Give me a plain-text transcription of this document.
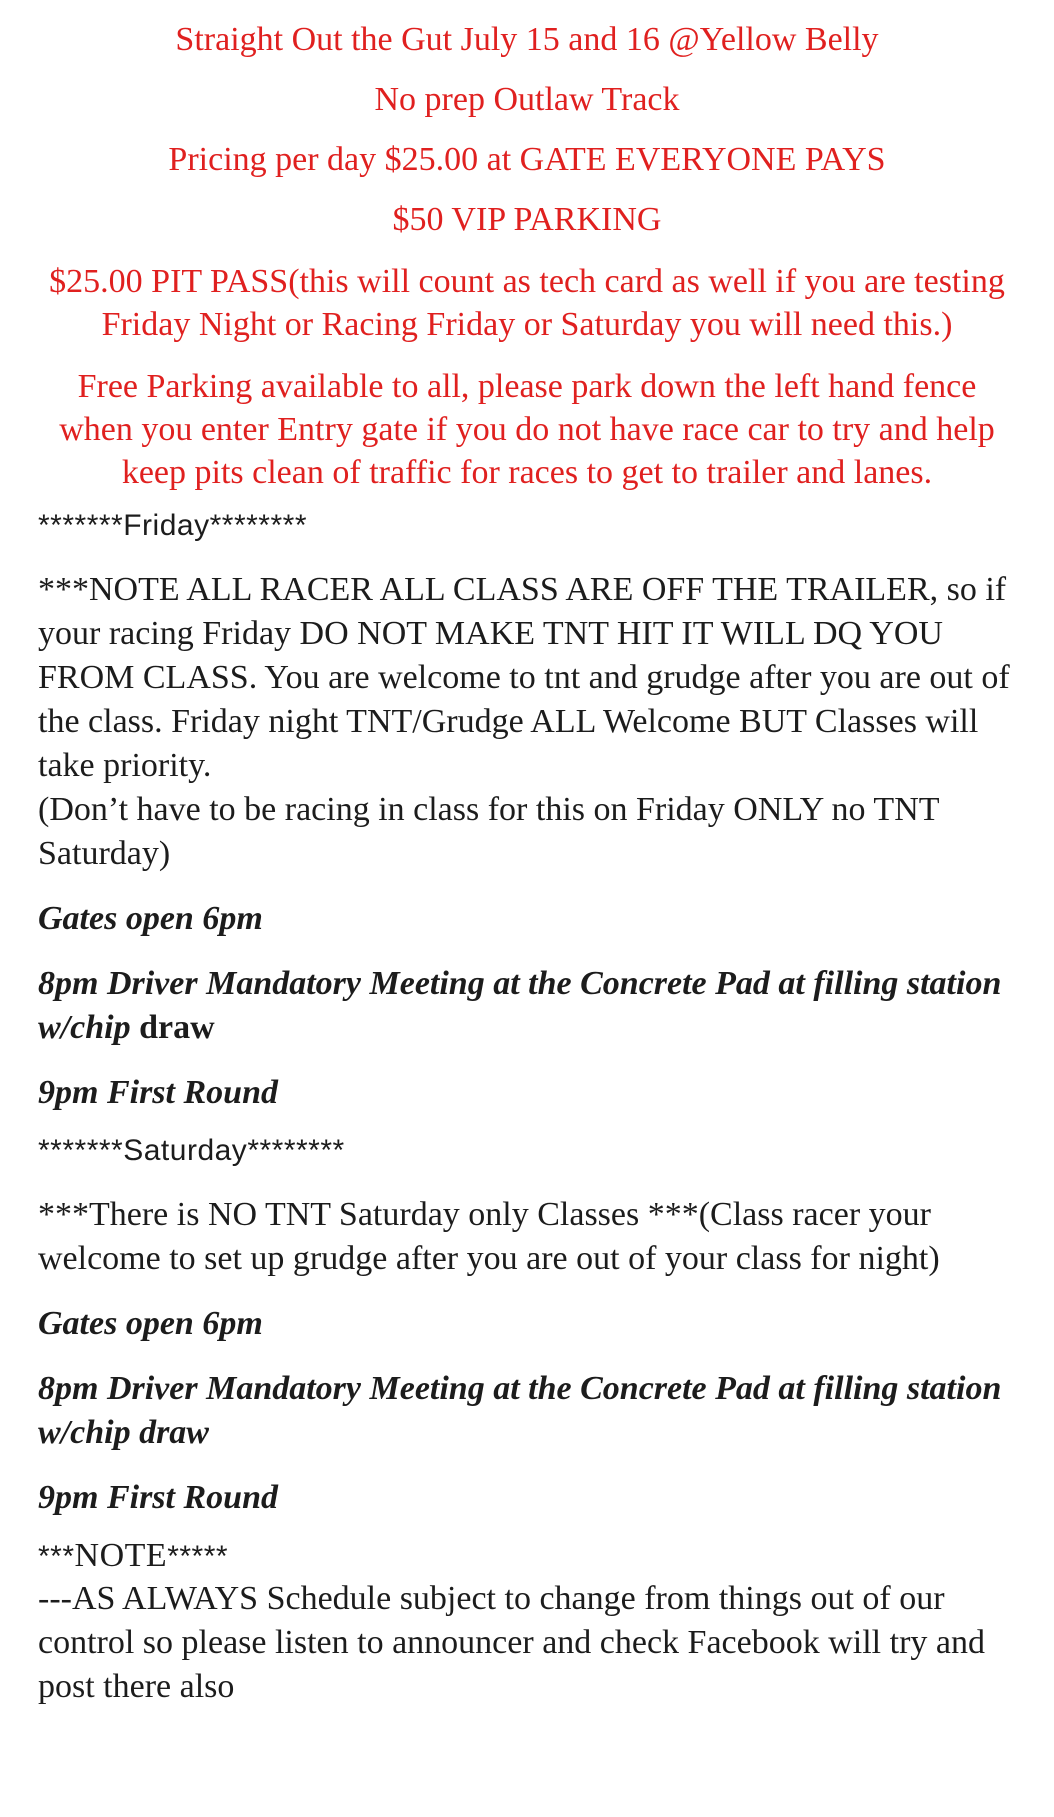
Straight Out the Gut July 15 and 16 @Yellow Belly

No prep Outlaw Track

Pricing per day $25.00 at GATE EVERYONE PAYS

$50 VIP PARKING

$25.00 PIT PASS(this will count as tech card as well if you are testing Friday Night or Racing Friday or Saturday you will need this.)

Free Parking available to all, please park down the left hand fence when you enter Entry gate if you do not have race car to try and help keep pits clean of traffic for races to get to trailer and lanes.

*******Friday********

***NOTE ALL RACER ALL CLASS ARE OFF THE TRAILER, so if your racing Friday DO NOT MAKE TNT HIT IT WILL DQ YOU FROM CLASS. You are welcome to tnt and grudge after you are out of the class. Friday night TNT/Grudge ALL Welcome BUT Classes will take priority.

(Don’t have to be racing in class for this on Friday ONLY no TNT Saturday)

Gates open 6pm

8pm Driver Mandatory Meeting at the Concrete Pad at filling station w/chip draw

9pm First Round

*******Saturday********

***There is NO TNT Saturday only Classes ***(Class racer your welcome to set up grudge after you are out of your class for night)

Gates open 6pm

8pm Driver Mandatory Meeting at the Concrete Pad at filling station w/chip draw

9pm First Round

***NOTE*****

---AS ALWAYS Schedule subject to change from things out of our control so please listen to announcer and check Facebook will try and post there also
